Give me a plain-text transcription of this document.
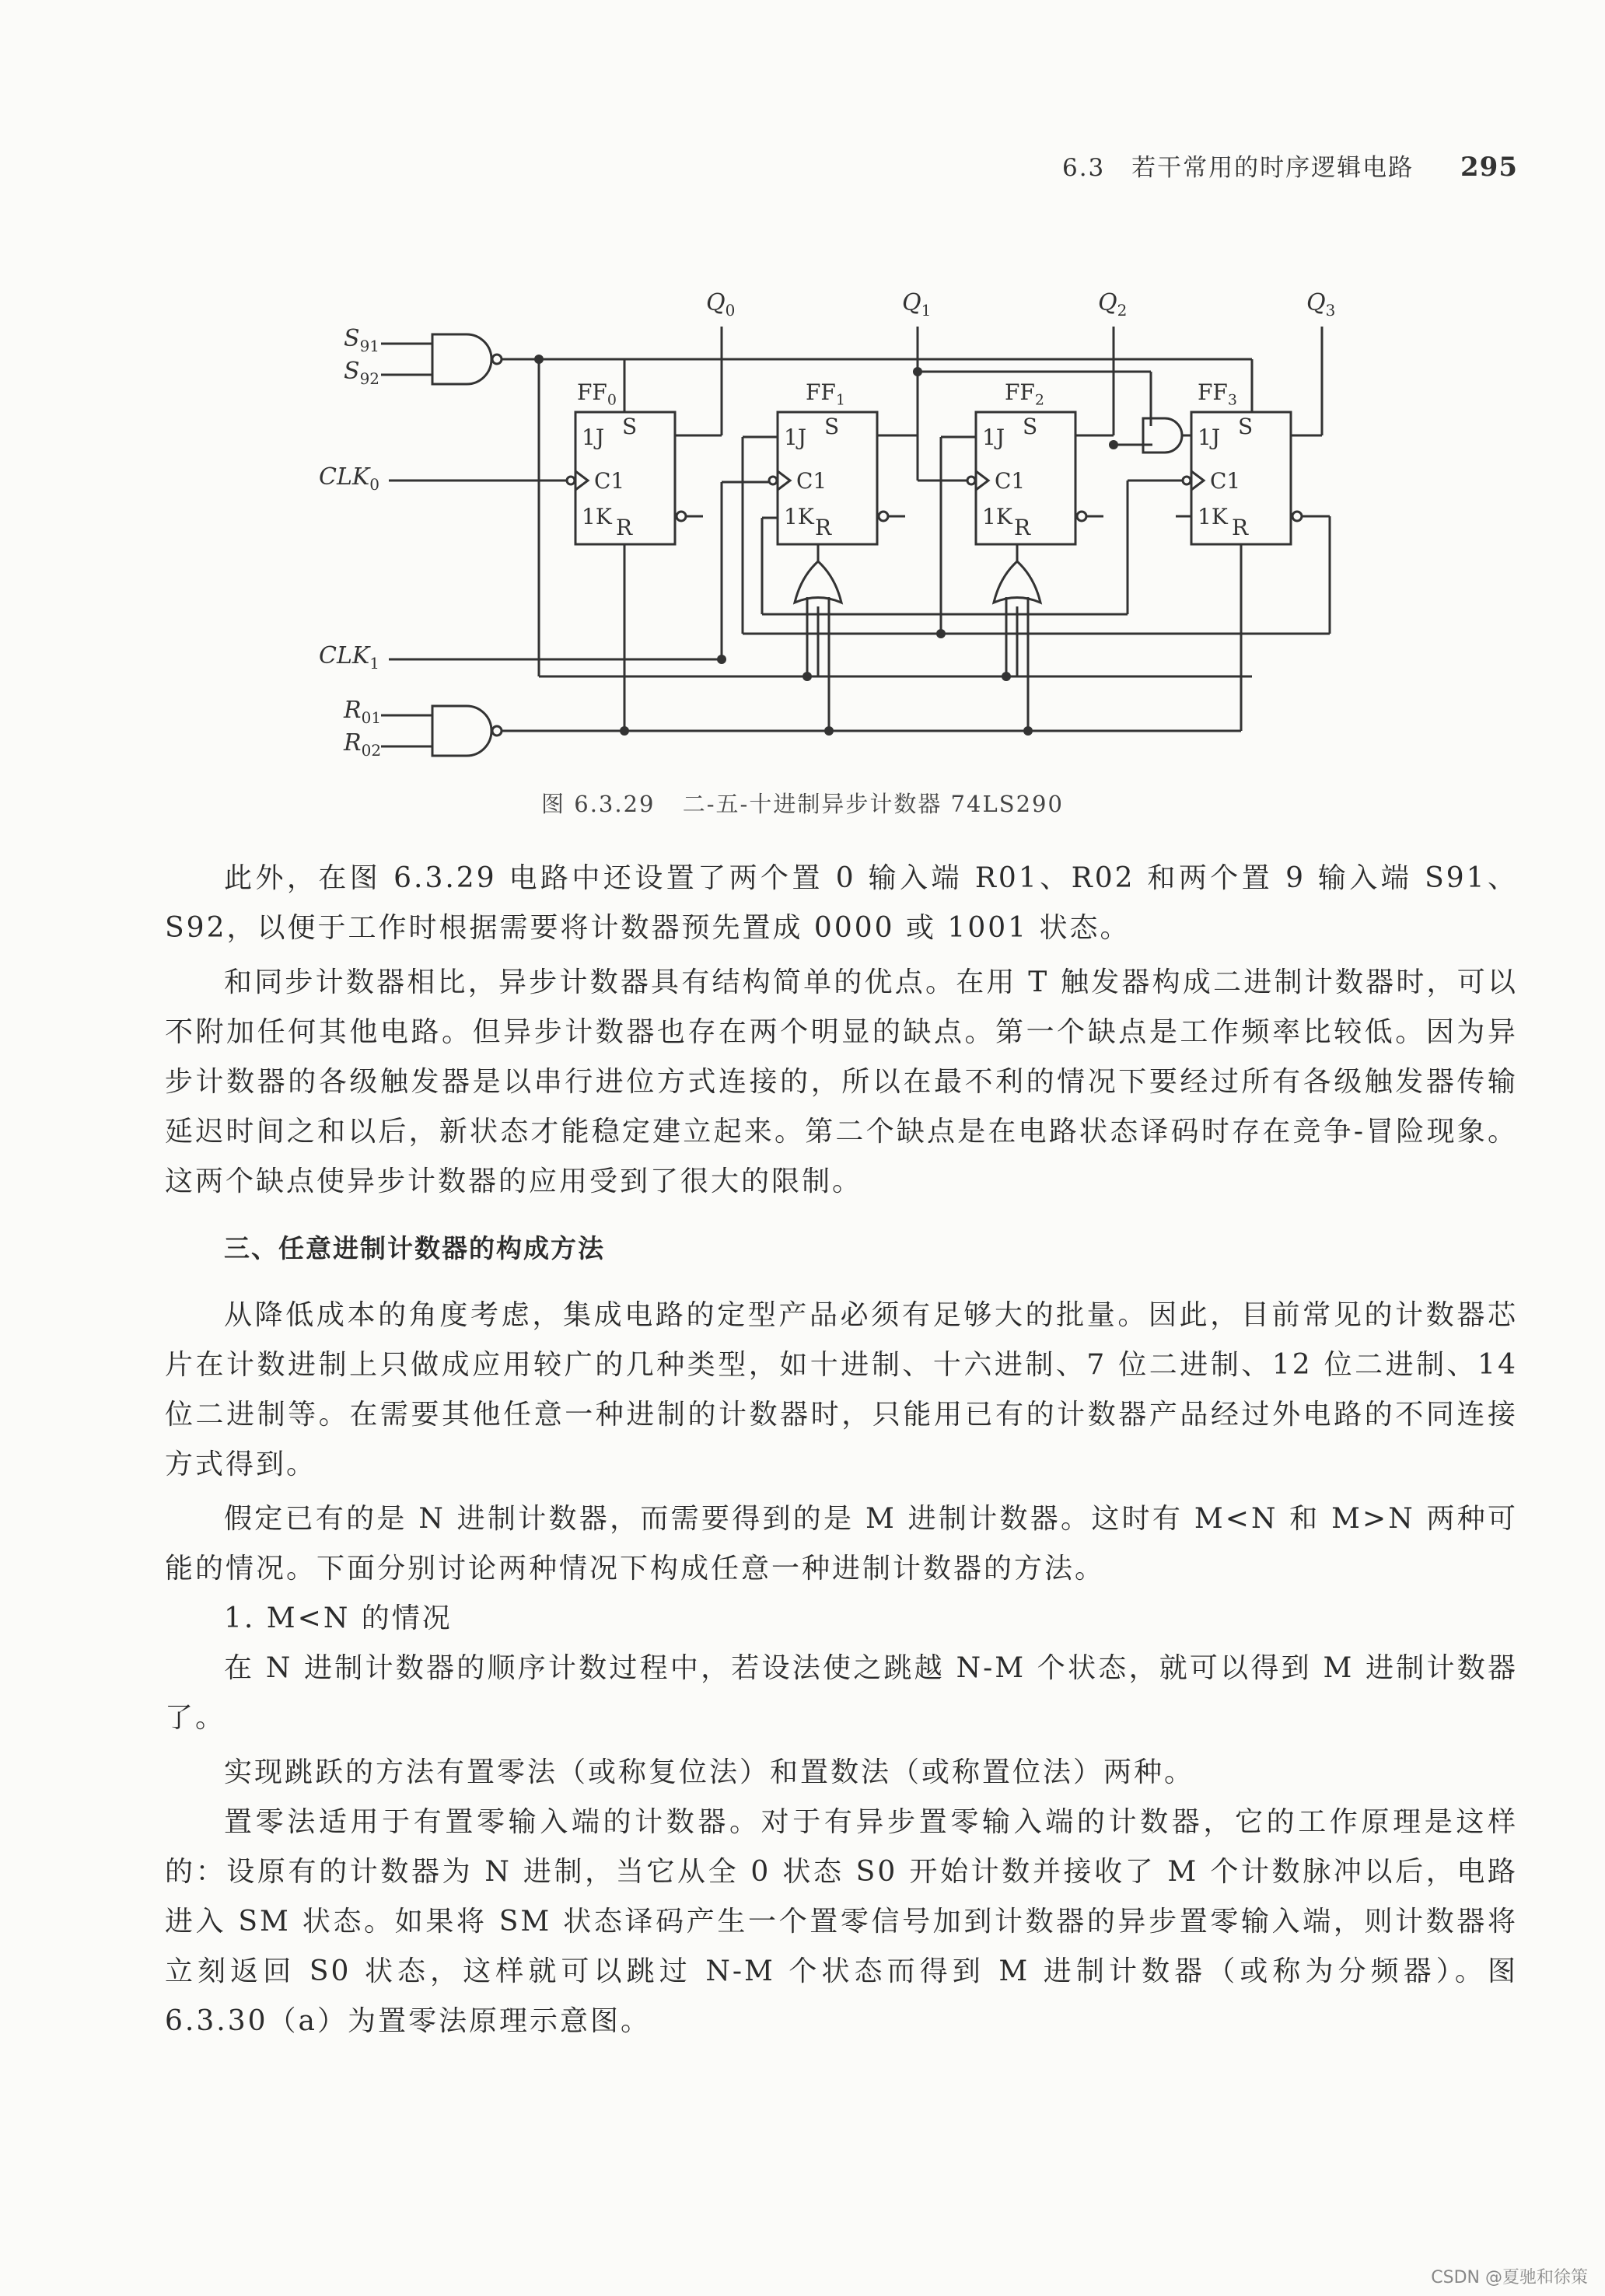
6.3 若干常用的时序逻辑电路 295
$S_{91}$
$S_{92}$
$CLK_0$
$CLK_1$
$R_{01}$
$R_{02}$
$Q_0$	$Q_1$	$Q_2$	$Q_3$
$FF_0$	$FF_1$	$FF_2$	$FF_3$
1J S
C1
1K R
1J S
C1
1K R
1J S
C1
1K R
1J S
C1
1K R
图 6.3.29 二-五-十进制异步计数器 74LS290

此外，在图 6.3.29 电路中还设置了两个置 0 输入端 R01、R02 和两个置 9 输入端 S91、S92，以便于工作时根据需要将计数器预先置成 0000 或 1001 状态。

和同步计数器相比，异步计数器具有结构简单的优点。在用 T 触发器构成二进制计数器时，可以不附加任何其他电路。但异步计数器也存在两个明显的缺点。第一个缺点是工作频率比较低。因为异步计数器的各级触发器是以串行进位方式连接的，所以在最不利的情况下要经过所有各级触发器传输延迟时间之和以后，新状态才能稳定建立起来。第二个缺点是在电路状态译码时存在竞争-冒险现象。这两个缺点使异步计数器的应用受到了很大的限制。

三、任意进制计数器的构成方法

从降低成本的角度考虑，集成电路的定型产品必须有足够大的批量。因此，目前常见的计数器芯片在计数进制上只做成应用较广的几种类型，如十进制、十六进制、7 位二进制、12 位二进制、14 位二进制等。在需要其他任意一种进制的计数器时，只能用已有的计数器产品经过外电路的不同连接方式得到。

假定已有的是 N 进制计数器，而需要得到的是 M 进制计数器。这时有 M<N 和 M>N 两种可能的情况。下面分别讨论两种情况下构成任意一种进制计数器的方法。

1. M<N 的情况

在 N 进制计数器的顺序计数过程中，若设法使之跳越 N-M 个状态，就可以得到 M 进制计数器了。

实现跳跃的方法有置零法（或称复位法）和置数法（或称置位法）两种。

置零法适用于有置零输入端的计数器。对于有异步置零输入端的计数器，它的工作原理是这样的：设原有的计数器为 N 进制，当它从全 0 状态 S0 开始计数并接收了 M 个计数脉冲以后，电路进入 SM 状态。如果将 SM 状态译码产生一个置零信号加到计数器的异步置零输入端，则计数器将立刻返回 S0 状态，这样就可以跳过 N-M 个状态而得到 M 进制计数器（或称为分频器）。图 6.3.30（a）为置零法原理示意图。

CSDN @夏驰和徐策
